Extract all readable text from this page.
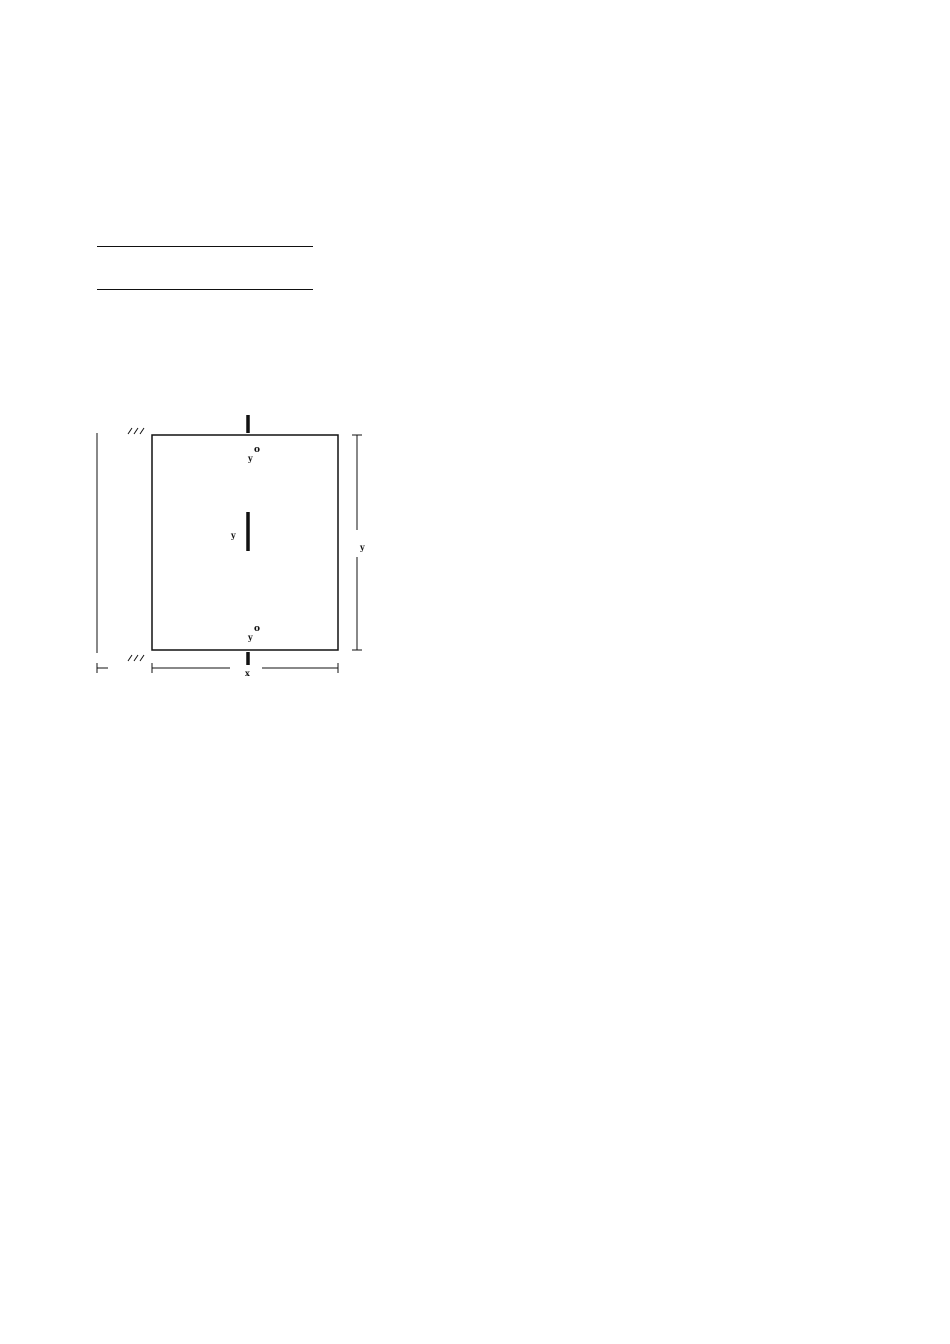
y
o
y
y
o
y
x
